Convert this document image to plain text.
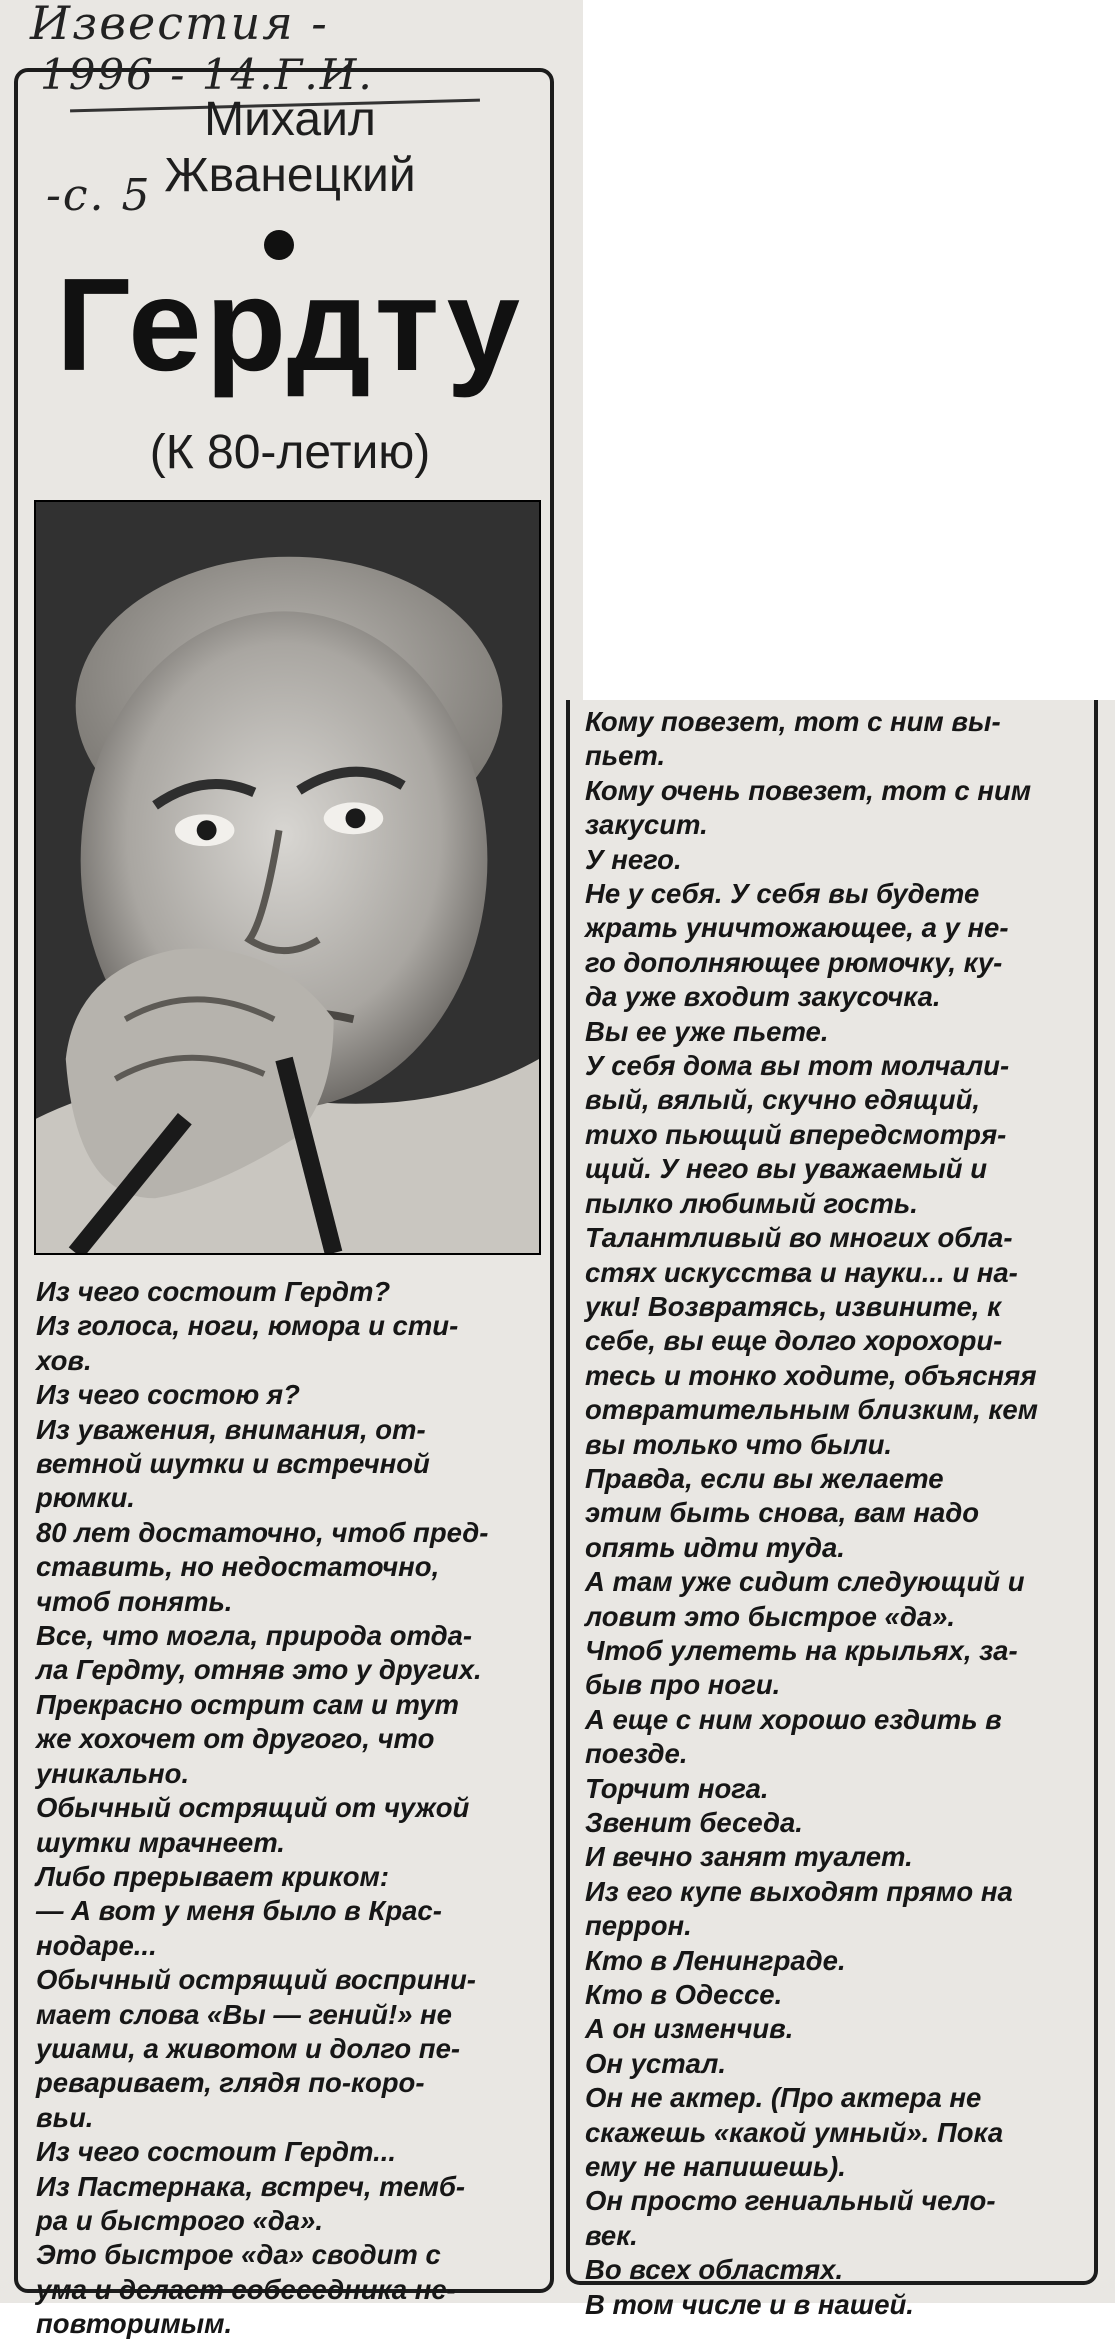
Известия -
1996 - 14.Г.И.
Михаил Жванецкий
-с. 5
Гердту
(К 80-летию)

Из чего состоит Гердт?

Из голоса, ноги, юмора и сти-
хов.

Из чего состою я?

Из уважения, внимания, от-
ветной шутки и встречной
рюмки.

80 лет достаточно, чтоб пред-
ставить, но недостаточно,
чтоб понять.

Все, что могла, природа отда-
ла Гердту, отняв это у других.

Прекрасно острит сам и тут
же хохочет от другого, что
уникально.

Обычный острящий от чужой
шутки мрачнеет.

Либо прерывает криком:

— А вот у меня было в Крас-
нодаре...

Обычный острящий восприни-
мает слова «Вы — гений!» не
ушами, а животом и долго пе-
реваривает, глядя по-коро-
вьи.

Из чего состоит Гердт...

Из Пастернака, встреч, темб-
ра и быстрого «да».

Это быстрое «да» сводит с
ума и делает собеседника не-
повторимым.

Кому повезет, тот с ним вы-
пьет.

Кому очень повезет, тот с ним
закусит.

У него.

Не у себя. У себя вы будете
жрать уничтожающее, а у не-
го дополняющее рюмочку, ку-
да уже входит закусочка.

Вы ее уже пьете.

У себя дома вы тот молчали-
вый, вялый, скучно едящий,
тихо пьющий впередсмотря-
щий. У него вы уважаемый и
пылко любимый гость.

Талантливый во многих обла-
стях искусства и науки... и на-
уки! Возвратясь, извините, к
себе, вы еще долго хорохори-
тесь и тонко ходите, объясняя
отвратительным близким, кем
вы только что были.

Правда, если вы желаете
этим быть снова, вам надо
опять идти туда.

А там уже сидит следующий и
ловит это быстрое «да».

Чтоб улететь на крыльях, за-
быв про ноги.

А еще с ним хорошо ездить в
поезде.

Торчит нога.

Звенит беседа.

И вечно занят туалет.

Из его купе выходят прямо на
перрон.

Кто в Ленинграде.

Кто в Одессе.

А он изменчив.

Он устал.

Он не актер. (Про актера не
скажешь «какой умный». Пока
ему не напишешь).

Он просто гениальный чело-
век.

Во всех областях.

В том числе и в нашей.
